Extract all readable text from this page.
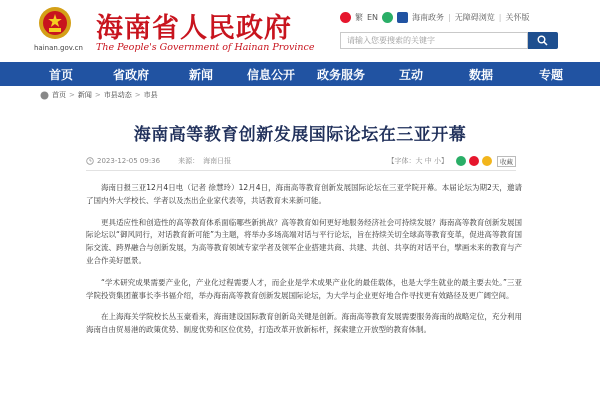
hainan.gov.cn
海南省人民政府
The People's Government of Hainan Province
繁 EN	海南政务 | 无障碍浏览 | 关怀版
请输入您要搜索的关键字
首页	省政府	新闻	信息公开	政务服务	互动	数据	专题
首页 > 新闻 > 市县动态 > 市县
海南高等教育创新发展国际论坛在三亚开幕
2023-12-05 09:36	来源： 海南日报	【字体：大 中 小】	收藏

海南日报三亚12月4日电（记者 徐慧玲）12月4日，海南高等教育创新发展国际论坛在三亚学院开幕。本届论坛为期2天，邀请了国内外大学校长、学者以及杰出企业家代表等，共话教育未来新可能。

更具适应性和创造性的高等教育体系面临哪些新挑战？高等教育如何更好地服务经济社会可持续发展？海南高等教育创新发展国际论坛以“御风同行，对话教育新可能”为主题，将举办多场高端对话与平行论坛，旨在持续关切全球高等教育变革，促进高等教育国际交流、跨界融合与创新发展，为高等教育领域专家学者及领军企业搭建共商、共建、共创、共享的对话平台，擘画未来的教育与产业合作美好愿景。

“学术研究成果需要产业化，产业化过程需要人才，而企业是学术成果产业化的最佳载体，也是大学生就业的最主要去处。”三亚学院投资集团董事长李书福介绍，举办海南高等教育创新发展国际论坛，为大学与企业更好地合作寻找更有效路径及更广阔空间。

在上海海关学院校长丛玉豪看来，海南建设国际教育创新岛关键是创新。海南高等教育发展需要服务海南的战略定位，充分利用海南自由贸易港的政策优势、制度优势和区位优势，打造改革开放新标杆，探索建立开放型的教育体制。
